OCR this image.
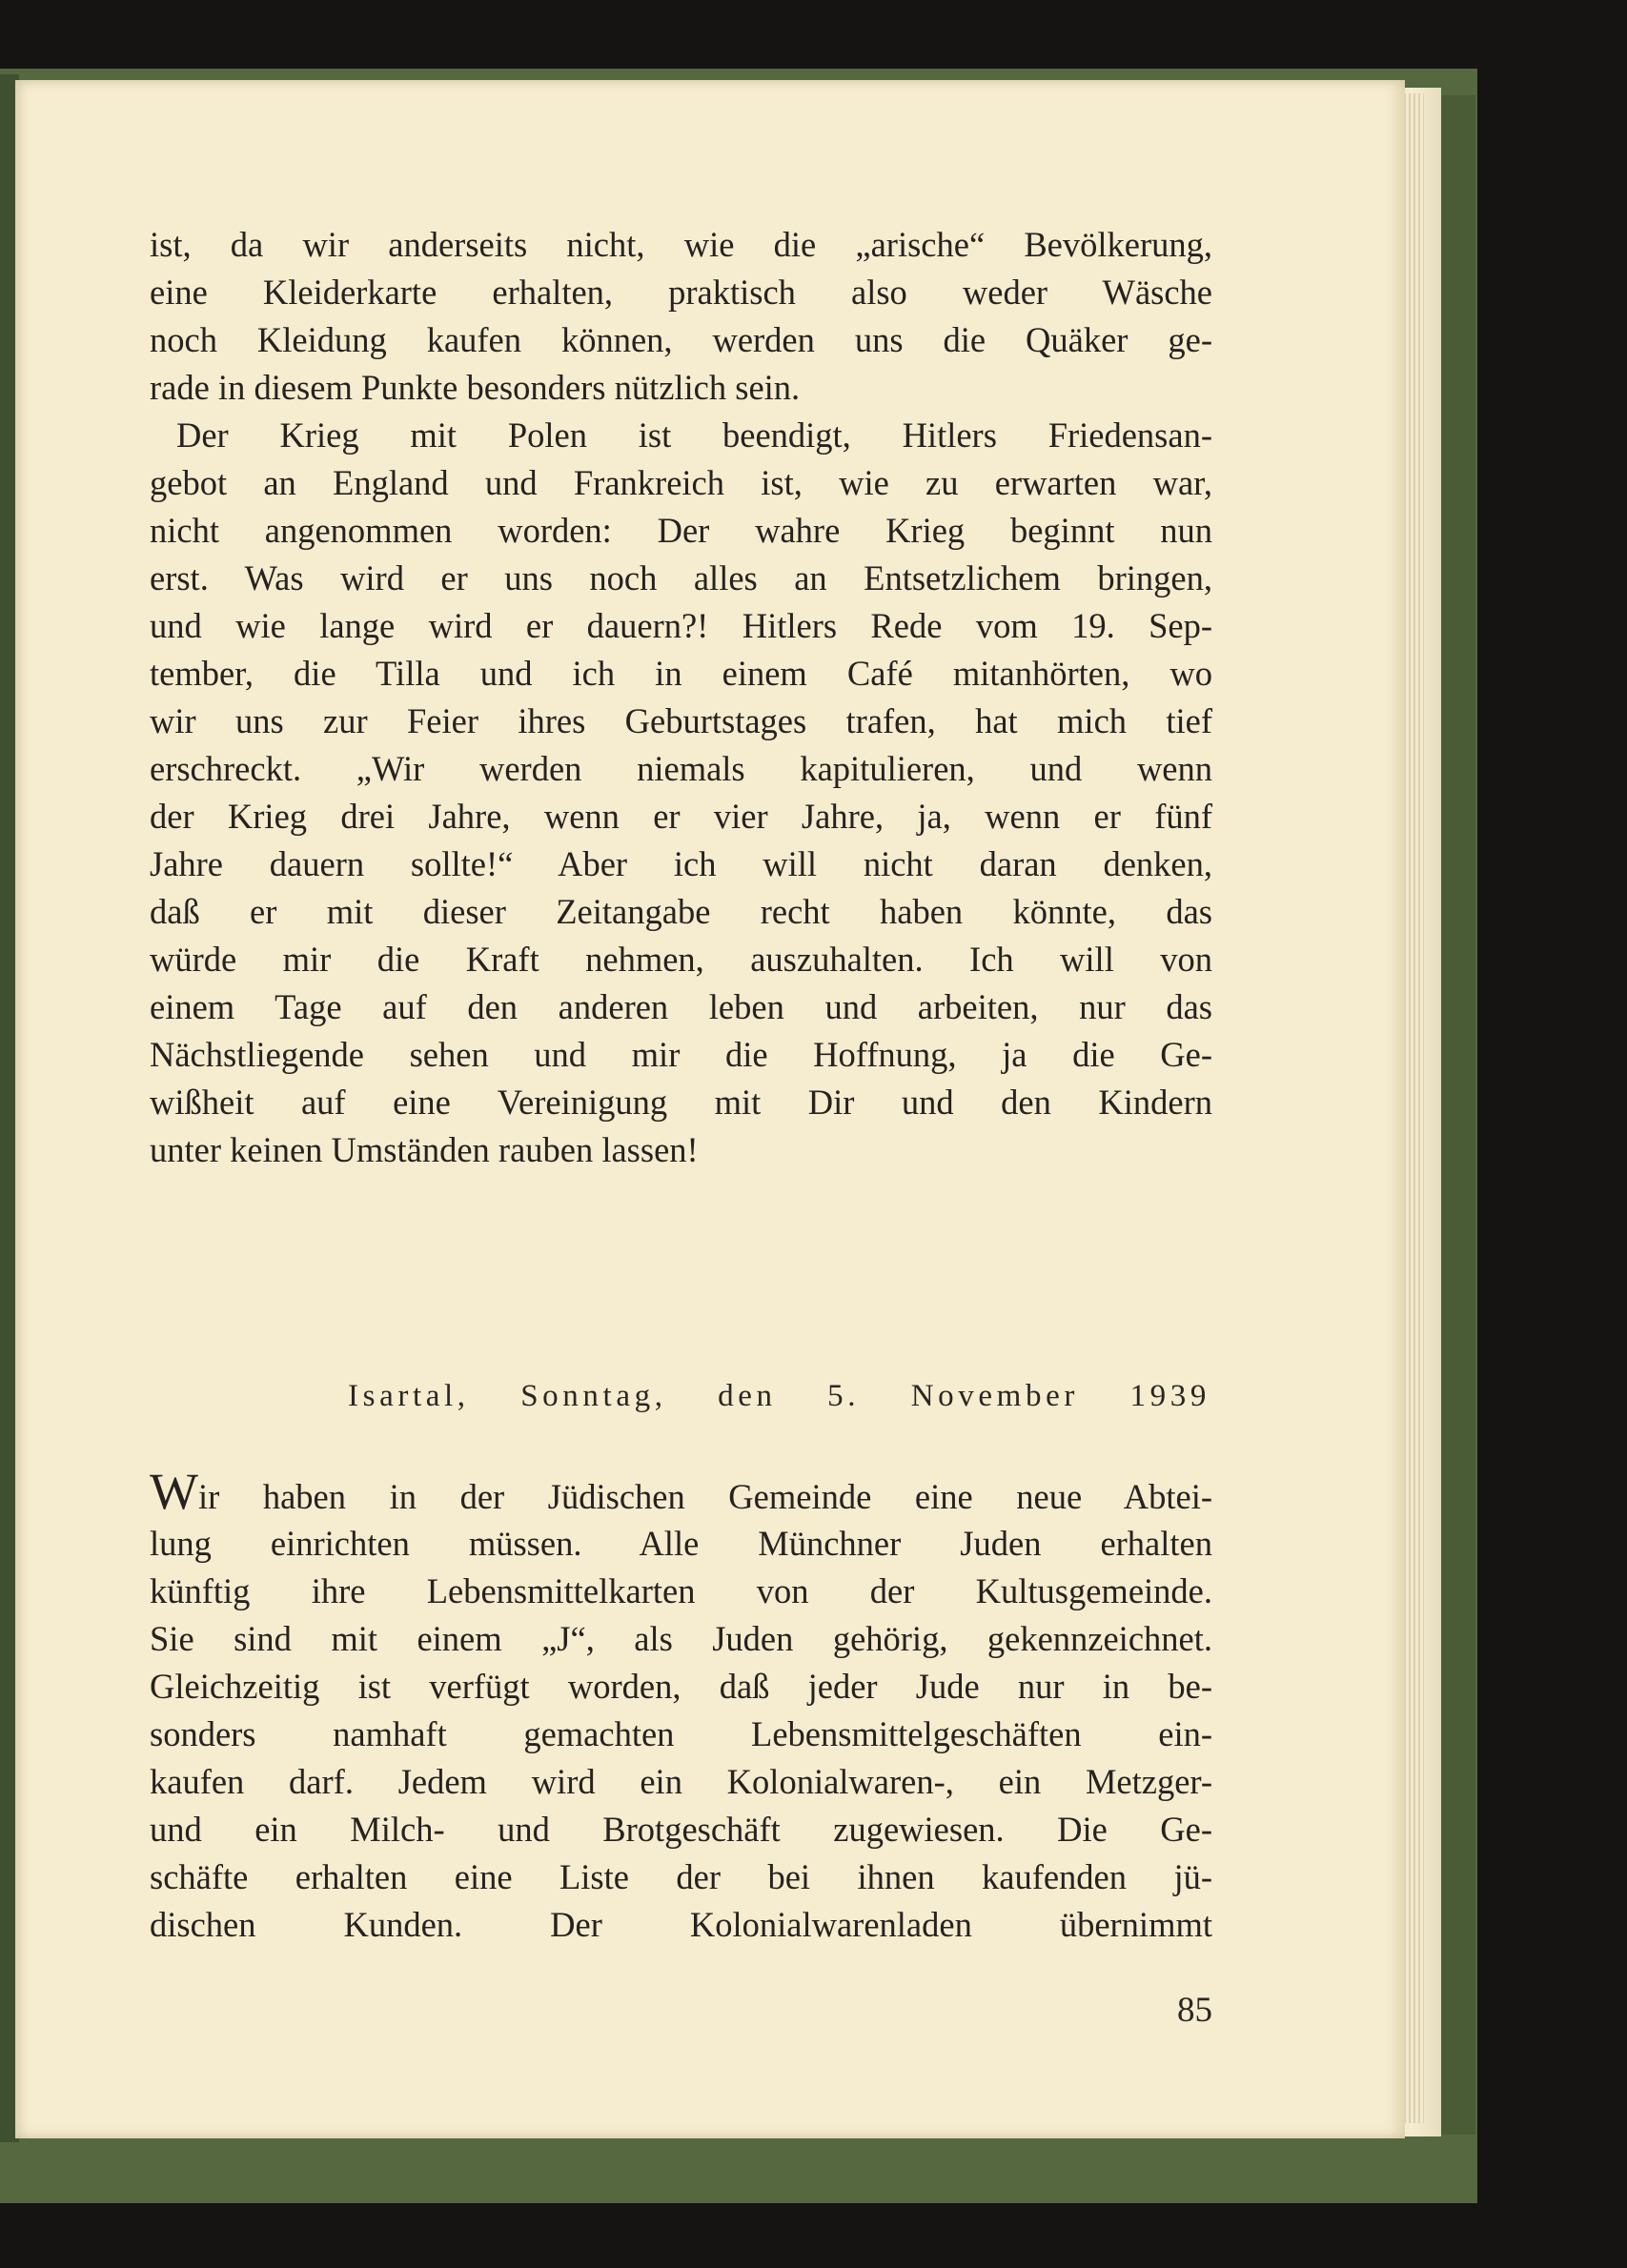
ist, da wir anderseits nicht, wie die „arische“ Bevölkerung,
eine Kleiderkarte erhalten, praktisch also weder Wäsche
noch Kleidung kaufen können, werden uns die Quäker ge-
rade in diesem Punkte besonders nützlich sein.
Der Krieg mit Polen ist beendigt, Hitlers Friedensan-
gebot an England und Frankreich ist, wie zu erwarten war,
nicht angenommen worden: Der wahre Krieg beginnt nun
erst. Was wird er uns noch alles an Entsetzlichem bringen,
und wie lange wird er dauern?! Hitlers Rede vom 19. Sep-
tember, die Tilla und ich in einem Café mitanhörten, wo
wir uns zur Feier ihres Geburtstages trafen, hat mich tief
erschreckt. „Wir werden niemals kapitulieren, und wenn
der Krieg drei Jahre, wenn er vier Jahre, ja, wenn er fünf
Jahre dauern sollte!“ Aber ich will nicht daran denken,
daß er mit dieser Zeitangabe recht haben könnte, das
würde mir die Kraft nehmen, auszuhalten. Ich will von
einem Tage auf den anderen leben und arbeiten, nur das
Nächstliegende sehen und mir die Hoffnung, ja die Ge-
wißheit auf eine Vereinigung mit Dir und den Kindern
unter keinen Umständen rauben lassen!
Isartal, Sonntag, den 5. November 1939
Wir haben in der Jüdischen Gemeinde eine neue Abtei-
lung einrichten müssen. Alle Münchner Juden erhalten
künftig ihre Lebensmittelkarten von der Kultusgemeinde.
Sie sind mit einem „J“, als Juden gehörig, gekennzeichnet.
Gleichzeitig ist verfügt worden, daß jeder Jude nur in be-
sonders namhaft gemachten Lebensmittelgeschäften ein-
kaufen darf. Jedem wird ein Kolonialwaren-, ein Metzger-
und ein Milch- und Brotgeschäft zugewiesen. Die Ge-
schäfte erhalten eine Liste der bei ihnen kaufenden jü-
dischen Kunden. Der Kolonialwarenladen übernimmt
85
